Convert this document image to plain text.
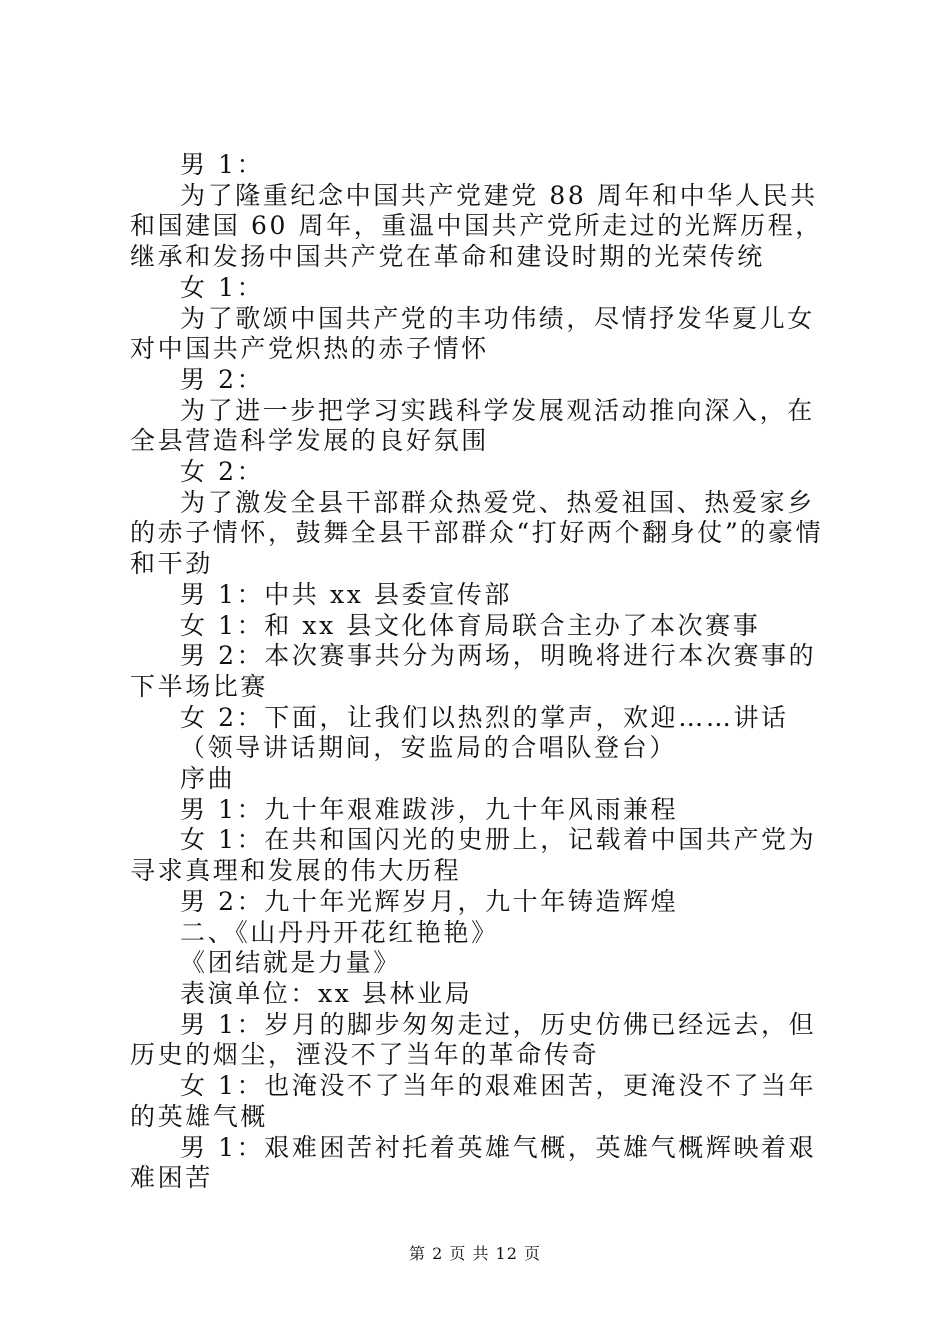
男 1：

为了隆重纪念中国共产党建党 88 周年和中华人民共和国建国 60 周年，重温中国共产党所走过的光辉历程，继承和发扬中国共产党在革命和建设时期的光荣传统

女 1：

为了歌颂中国共产党的丰功伟绩，尽情抒发华夏儿女对中国共产党炽热的赤子情怀

男 2：

为了进一步把学习实践科学发展观活动推向深入，在全县营造科学发展的良好氛围

女 2：

为了激发全县干部群众热爱党、热爱祖国、热爱家乡的赤子情怀，鼓舞全县干部群众“打好两个翻身仗”的豪情和干劲

男 1：中共 xx 县委宣传部

女 1：和 xx 县文化体育局联合主办了本次赛事

男 2：本次赛事共分为两场，明晚将进行本次赛事的下半场比赛

女 2：下面，让我们以热烈的掌声，欢迎……讲话

（领导讲话期间，安监局的合唱队登台）

序曲

男 1：九十年艰难跋涉，九十年风雨兼程

女 1：在共和国闪光的史册上，记载着中国共产党为寻求真理和发展的伟大历程

男 2：九十年光辉岁月，九十年铸造辉煌

二、《山丹丹开花红艳艳》

《团结就是力量》

表演单位：xx 县林业局

男 1：岁月的脚步匆匆走过，历史仿佛已经远去，但历史的烟尘，湮没不了当年的革命传奇

女 1：也淹没不了当年的艰难困苦，更淹没不了当年的英雄气概

男 1：艰难困苦衬托着英雄气概，英雄气概辉映着艰难困苦

第 2 页 共 12 页
